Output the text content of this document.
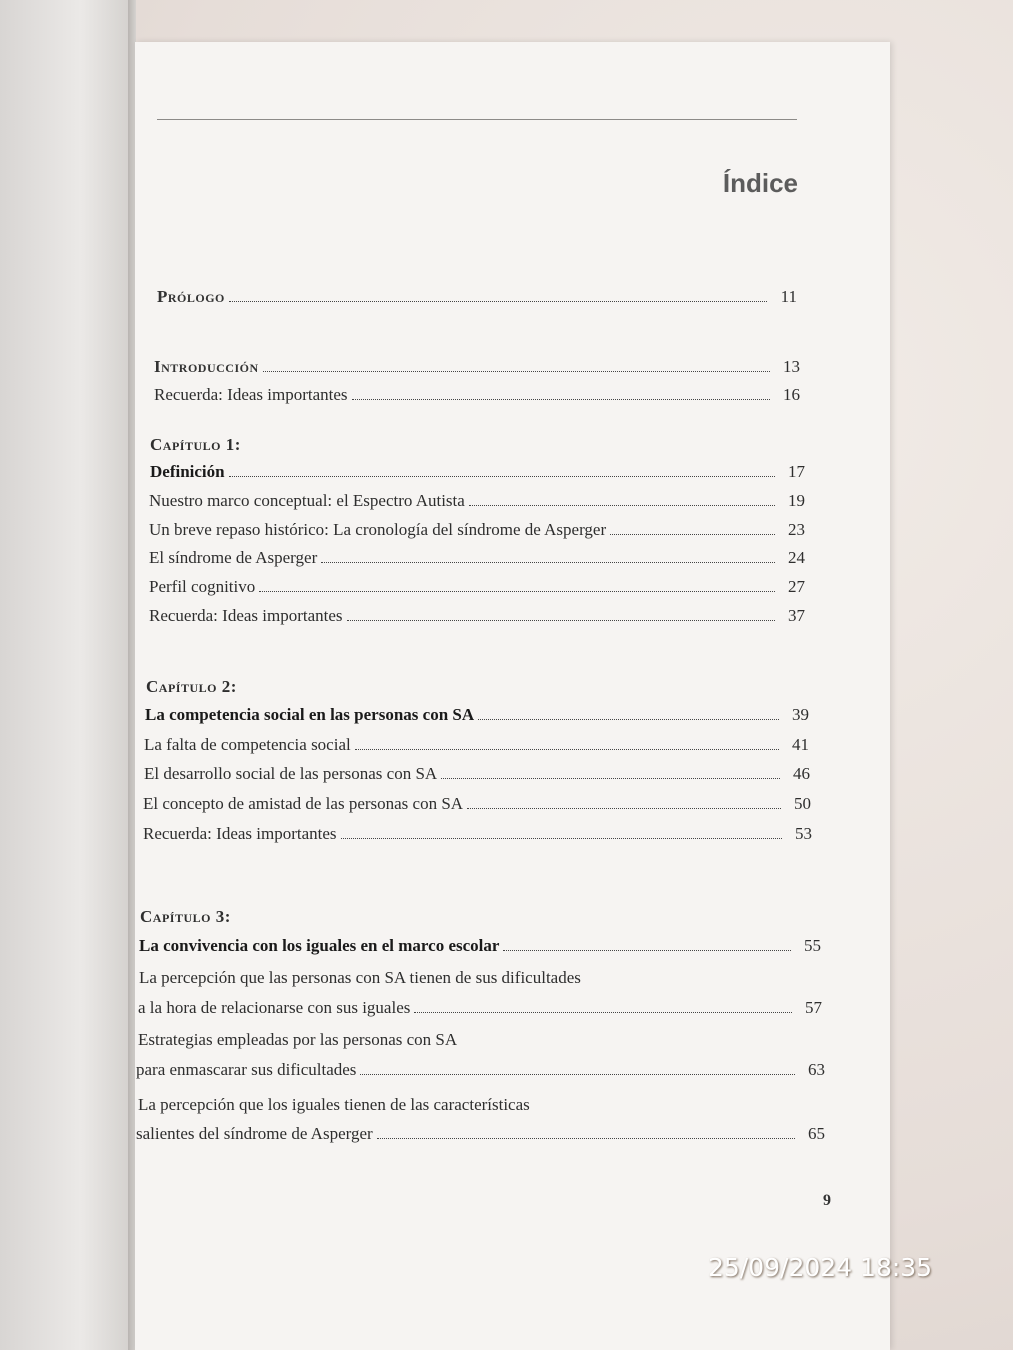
Índice
Prólogo	11
Introducción	13
Recuerda: Ideas importantes	16
Capítulo 1:
Definición	17
Nuestro marco conceptual: el Espectro Autista	19
Un breve repaso histórico: La cronología del síndrome de Asperger	23
El síndrome de Asperger	24
Perfil cognitivo	27
Recuerda: Ideas importantes	37
Capítulo 2:
La competencia social en las personas con SA	39
La falta de competencia social	41
El desarrollo social de las personas con SA	46
El concepto de amistad de las personas con SA	50
Recuerda: Ideas importantes	53
Capítulo 3:
La convivencia con los iguales en el marco escolar	55
La percepción que las personas con SA tienen de sus dificultades
a la hora de relacionarse con sus iguales	57
Estrategias empleadas por las personas con SA
para enmascarar sus dificultades	63
La percepción que los iguales tienen de las características
salientes del síndrome de Asperger	65
9
25/09/2024 18:35
